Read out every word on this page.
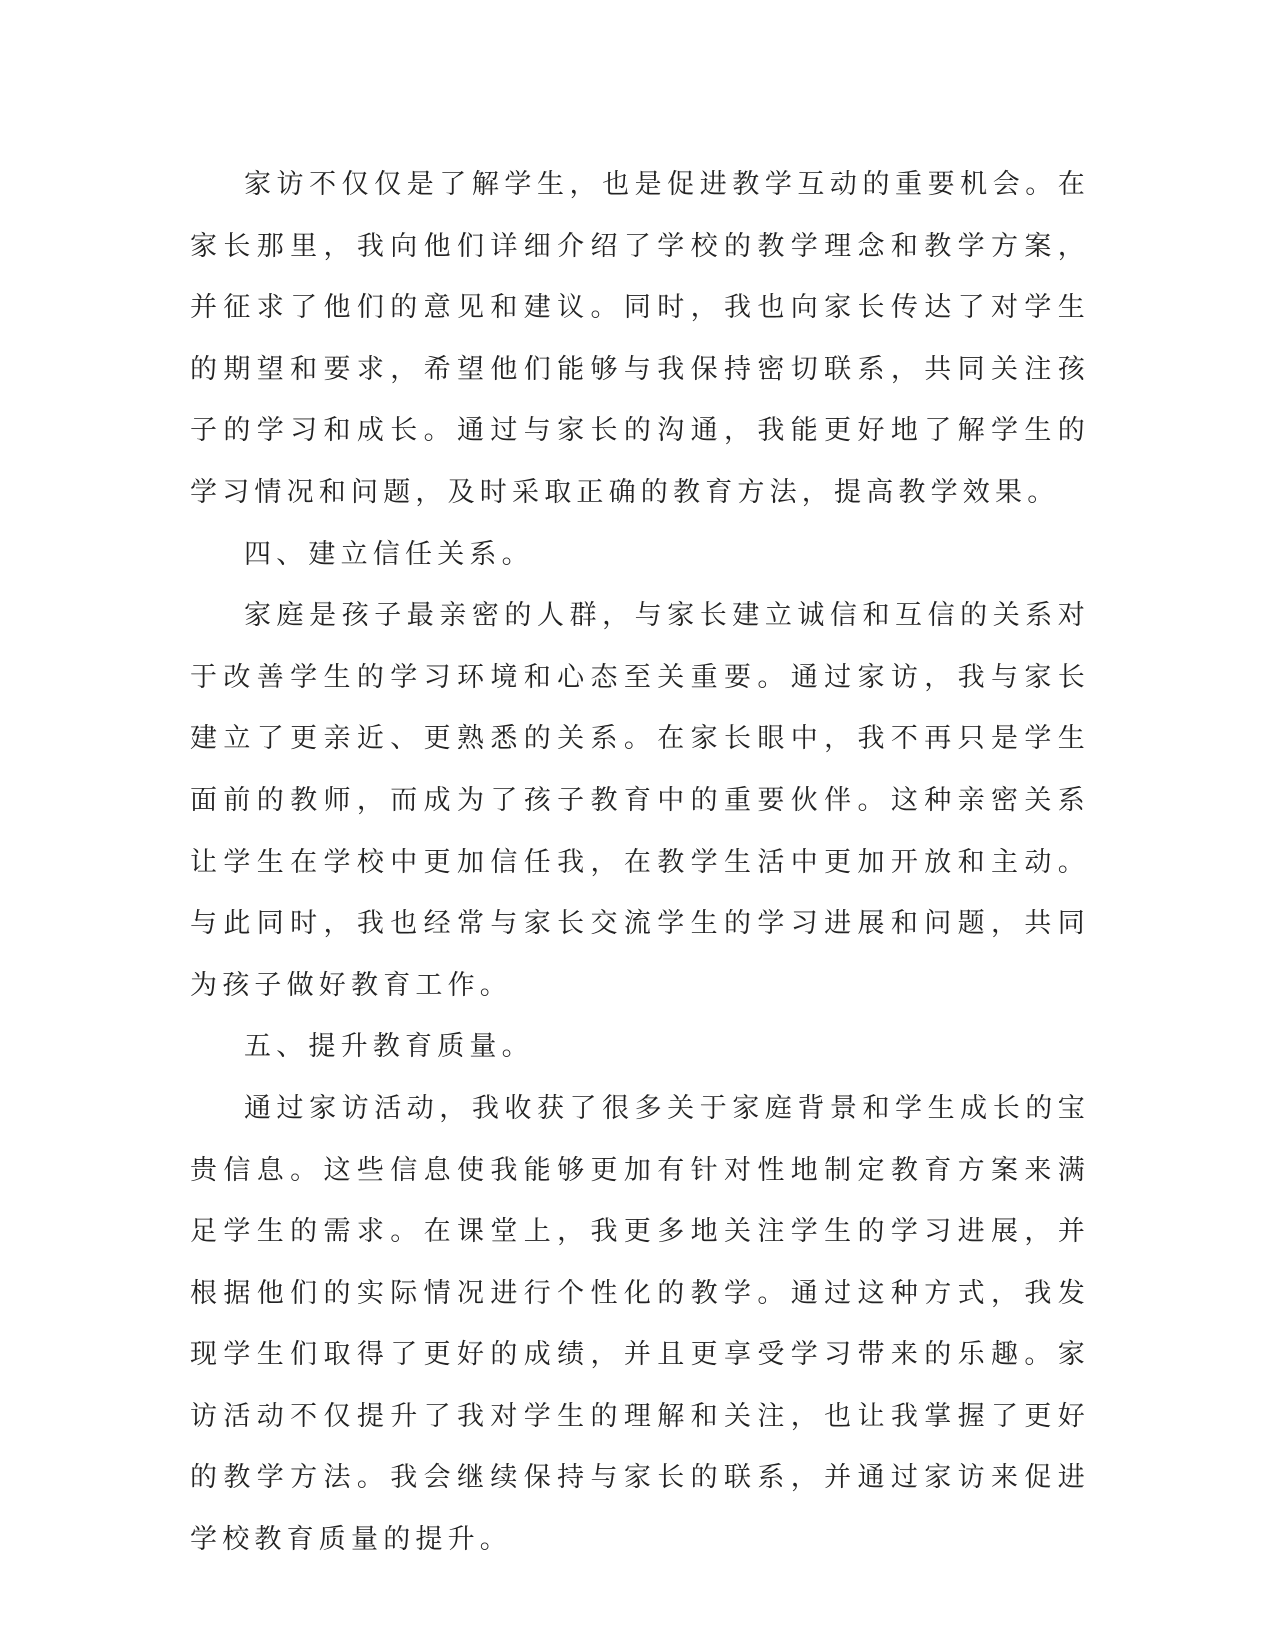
家访不仅仅是了解学生，也是促进教学互动的重要机会。在家长那里，我向他们详细介绍了学校的教学理念和教学方案，并征求了他们的意见和建议。同时，我也向家长传达了对学生的期望和要求，希望他们能够与我保持密切联系，共同关注孩子的学习和成长。通过与家长的沟通，我能更好地了解学生的学习情况和问题，及时采取正确的教育方法，提高教学效果。

四、建立信任关系。

家庭是孩子最亲密的人群，与家长建立诚信和互信的关系对于改善学生的学习环境和心态至关重要。通过家访，我与家长建立了更亲近、更熟悉的关系。在家长眼中，我不再只是学生面前的教师，而成为了孩子教育中的重要伙伴。这种亲密关系让学生在学校中更加信任我，在教学生活中更加开放和主动。与此同时，我也经常与家长交流学生的学习进展和问题，共同为孩子做好教育工作。

五、提升教育质量。

通过家访活动，我收获了很多关于家庭背景和学生成长的宝贵信息。这些信息使我能够更加有针对性地制定教育方案来满足学生的需求。在课堂上，我更多地关注学生的学习进展，并根据他们的实际情况进行个性化的教学。通过这种方式，我发现学生们取得了更好的成绩，并且更享受学习带来的乐趣。家访活动不仅提升了我对学生的理解和关注，也让我掌握了更好的教学方法。我会继续保持与家长的联系，并通过家访来促进学校教育质量的提升。
